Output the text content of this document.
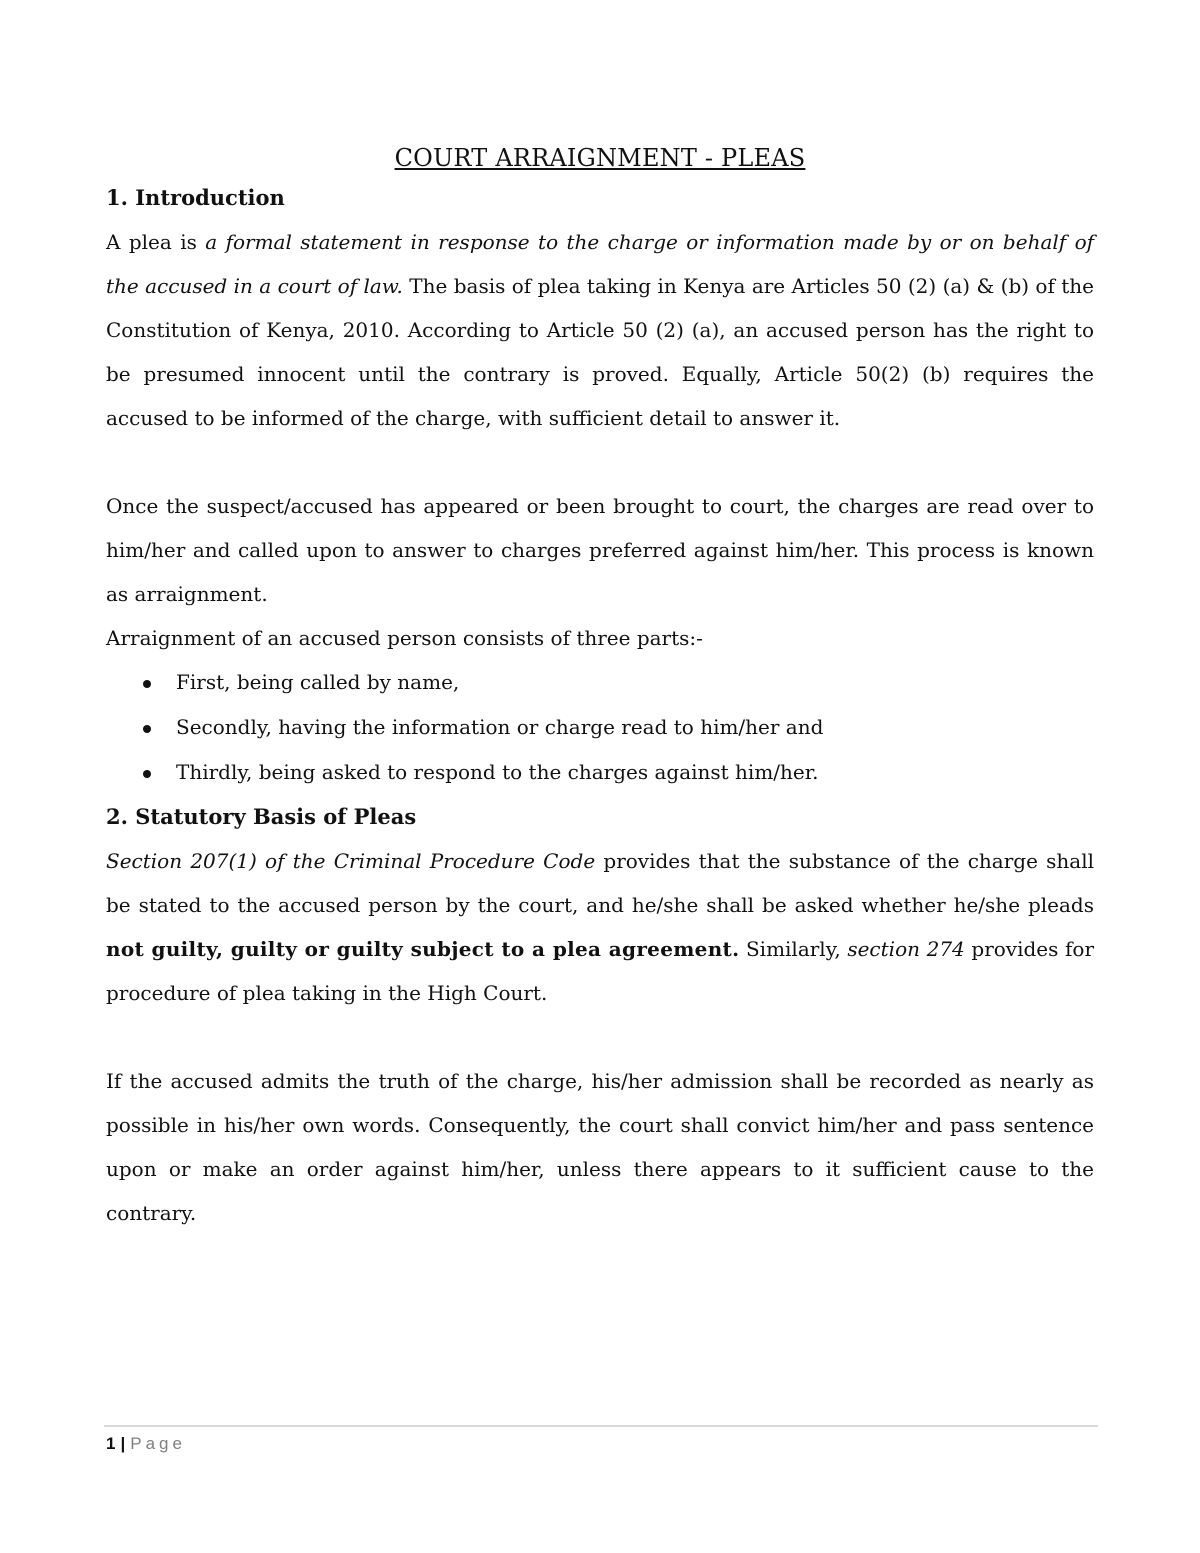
COURT ARRAIGNMENT - PLEAS
1. Introduction

A plea is a formal statement in response to the charge or information made by or on behalf of the accused in a court of law. The basis of plea taking in Kenya are Articles 50 (2) (a) & (b) of the Constitution of Kenya, 2010. According to Article 50 (2) (a), an accused person has the right to be presumed innocent until the contrary is proved. Equally, Article 50(2) (b) requires the accused to be informed of the charge, with sufficient detail to answer it.

Once the suspect/accused has appeared or been brought to court, the charges are read over to him/her and called upon to answer to charges preferred against him/her. This process is known as arraignment.

Arraignment of an accused person consists of three parts:-

First, being called by name,
Secondly, having the information or charge read to him/her and
Thirdly, being asked to respond to the charges against him/her.
2. Statutory Basis of Pleas

Section 207(1) of the Criminal Procedure Code provides that the substance of the charge shall be stated to the accused person by the court, and he/she shall be asked whether he/she pleads not guilty, guilty or guilty subject to a plea agreement. Similarly, section 274 provides for procedure of plea taking in the High Court.

If the accused admits the truth of the charge, his/her admission shall be recorded as nearly as possible in his/her own words. Consequently, the court shall convict him/her and pass sentence upon or make an order against him/her, unless there appears to it sufficient cause to the contrary.

1 | Page
